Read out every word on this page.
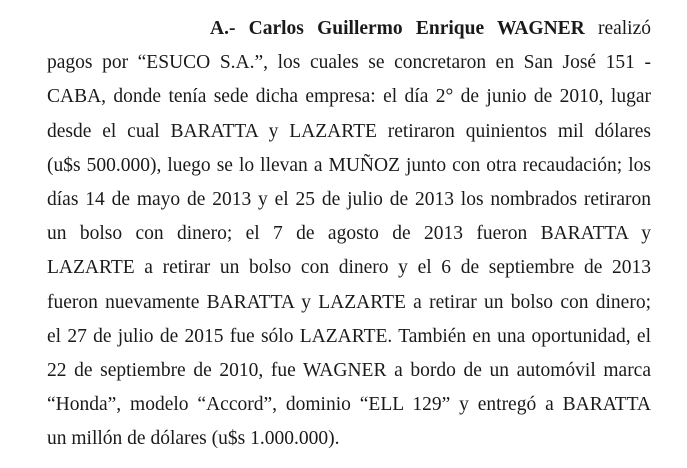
A.- Carlos Guillermo Enrique WAGNER realizó
pagos por “ESUCO S.A.”, los cuales se concretaron en San José 151 -
CABA, donde tenía sede dicha empresa: el día 2° de junio de 2010, lugar
desde el cual BARATTA y LAZARTE retiraron quinientos mil dólares
(u$s 500.000), luego se lo llevan a MUÑOZ junto con otra recaudación; los
días 14 de mayo de 2013 y el 25 de julio de 2013 los nombrados retiraron
un bolso con dinero; el 7 de agosto de 2013 fueron BARATTA y
LAZARTE a retirar un bolso con dinero y el 6 de septiembre de 2013
fueron nuevamente BARATTA y LAZARTE a retirar un bolso con dinero;
el 27 de julio de 2015 fue sólo LAZARTE. También en una oportunidad, el
22 de septiembre de 2010, fue WAGNER a bordo de un automóvil marca
“Honda”, modelo “Accord”, dominio “ELL 129” y entregó a BARATTA
un millón de dólares (u$s 1.000.000).
